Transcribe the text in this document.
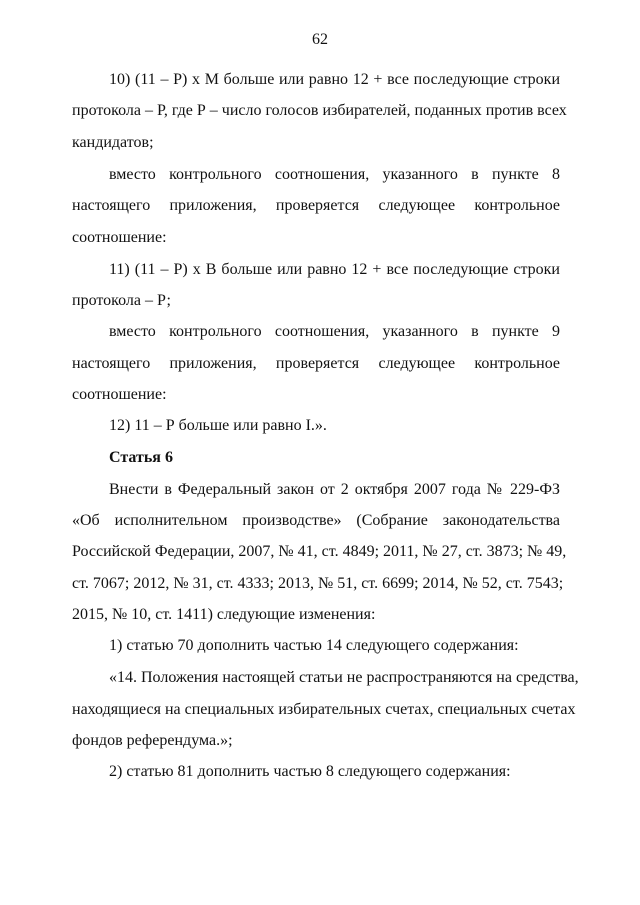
62
10) (11 – Р) х М больше или равно 12 + все последующие строки
протокола – Р, где Р – число голосов избирателей, поданных против всех
кандидатов;
вместо контрольного соотношения, указанного в пункте 8
настоящего приложения, проверяется следующее контрольное
соотношение:
11) (11 – Р) х В больше или равно 12 + все последующие строки
протокола – Р;
вместо контрольного соотношения, указанного в пункте 9
настоящего приложения, проверяется следующее контрольное
соотношение:
12) 11 – Р больше или равно I.».
Статья 6
Внести в Федеральный закон от 2 октября 2007 года № 229-ФЗ
«Об исполнительном производстве» (Собрание законодательства
Российской Федерации, 2007, № 41, ст. 4849; 2011, № 27, ст. 3873; № 49,
ст. 7067; 2012, № 31, ст. 4333; 2013, № 51, ст. 6699; 2014, № 52, ст. 7543;
2015, № 10, ст. 1411) следующие изменения:
1) статью 70 дополнить частью 14 следующего содержания:
«14. Положения настоящей статьи не распространяются на средства,
находящиеся на специальных избирательных счетах, специальных счетах
фондов референдума.»;
2) статью 81 дополнить частью 8 следующего содержания:
